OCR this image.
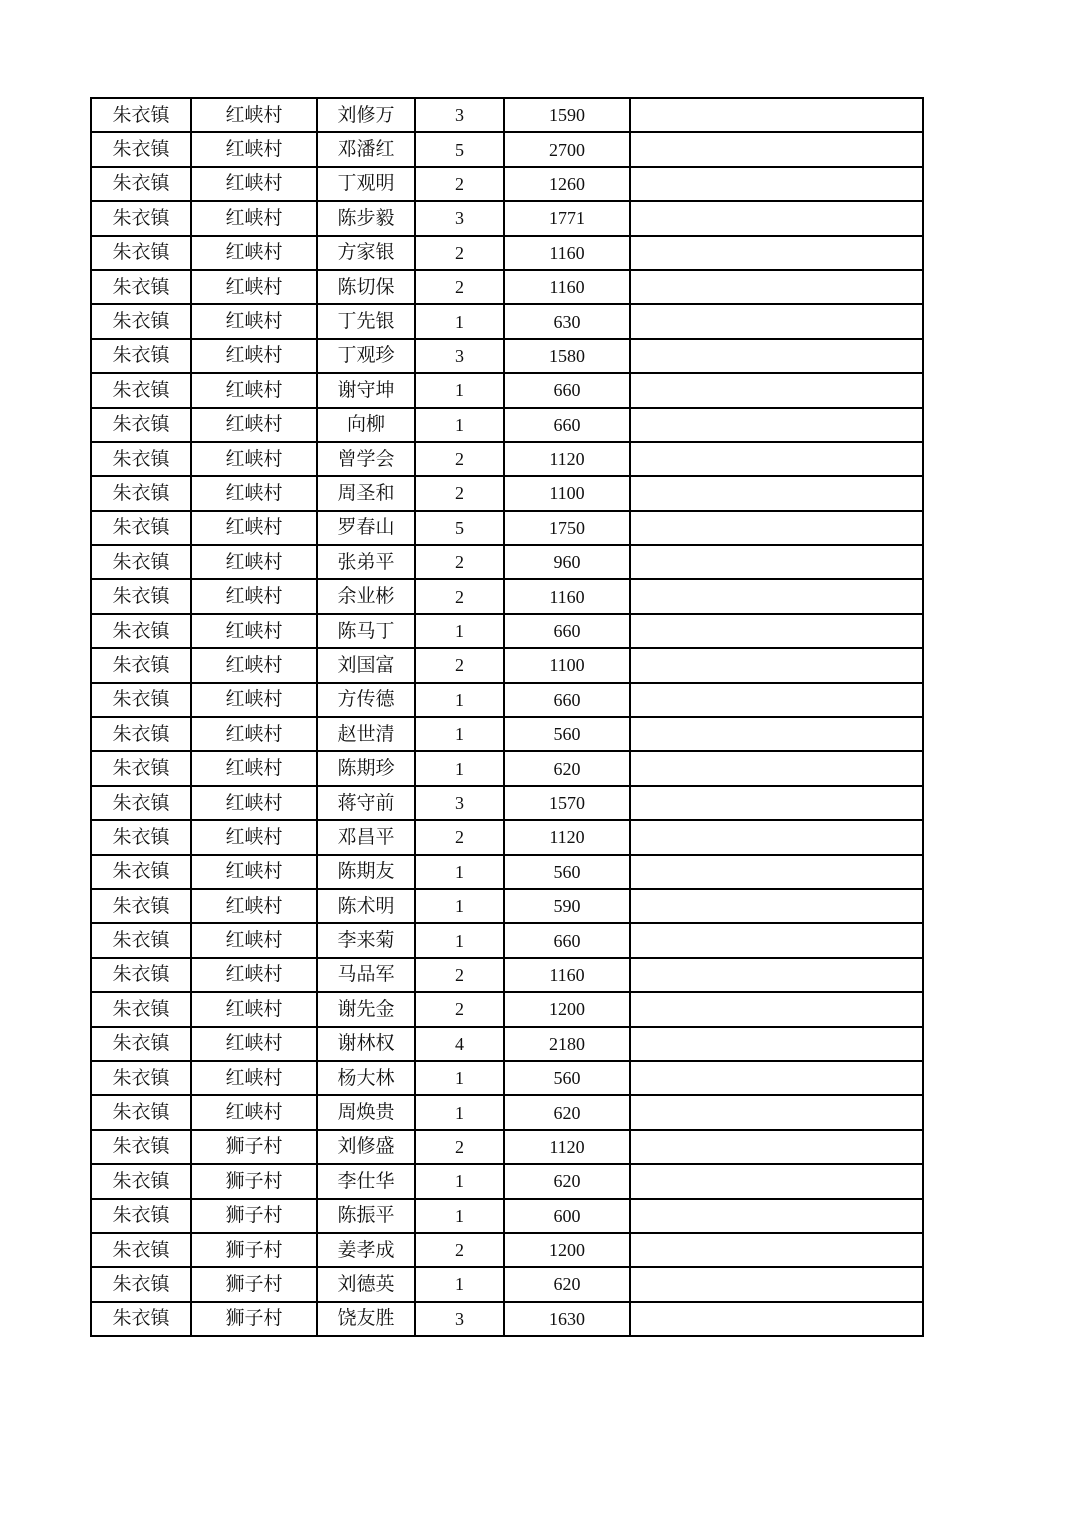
朱衣镇	红峡村	刘修万	3	1590	
朱衣镇	红峡村	邓潘红	5	2700	
朱衣镇	红峡村	丁观明	2	1260	
朱衣镇	红峡村	陈步毅	3	1771	
朱衣镇	红峡村	方家银	2	1160	
朱衣镇	红峡村	陈切保	2	1160	
朱衣镇	红峡村	丁先银	1	630	
朱衣镇	红峡村	丁观珍	3	1580	
朱衣镇	红峡村	谢守坤	1	660	
朱衣镇	红峡村	向柳	1	660	
朱衣镇	红峡村	曾学会	2	1120	
朱衣镇	红峡村	周圣和	2	1100	
朱衣镇	红峡村	罗春山	5	1750	
朱衣镇	红峡村	张弟平	2	960	
朱衣镇	红峡村	余业彬	2	1160	
朱衣镇	红峡村	陈马丁	1	660	
朱衣镇	红峡村	刘国富	2	1100	
朱衣镇	红峡村	方传德	1	660	
朱衣镇	红峡村	赵世清	1	560	
朱衣镇	红峡村	陈期珍	1	620	
朱衣镇	红峡村	蒋守前	3	1570	
朱衣镇	红峡村	邓昌平	2	1120	
朱衣镇	红峡村	陈期友	1	560	
朱衣镇	红峡村	陈术明	1	590	
朱衣镇	红峡村	李来菊	1	660	
朱衣镇	红峡村	马品军	2	1160	
朱衣镇	红峡村	谢先金	2	1200	
朱衣镇	红峡村	谢林权	4	2180	
朱衣镇	红峡村	杨大林	1	560	
朱衣镇	红峡村	周焕贵	1	620	
朱衣镇	狮子村	刘修盛	2	1120	
朱衣镇	狮子村	李仕华	1	620	
朱衣镇	狮子村	陈振平	1	600	
朱衣镇	狮子村	姜孝成	2	1200	
朱衣镇	狮子村	刘德英	1	620	
朱衣镇	狮子村	饶友胜	3	1630	
